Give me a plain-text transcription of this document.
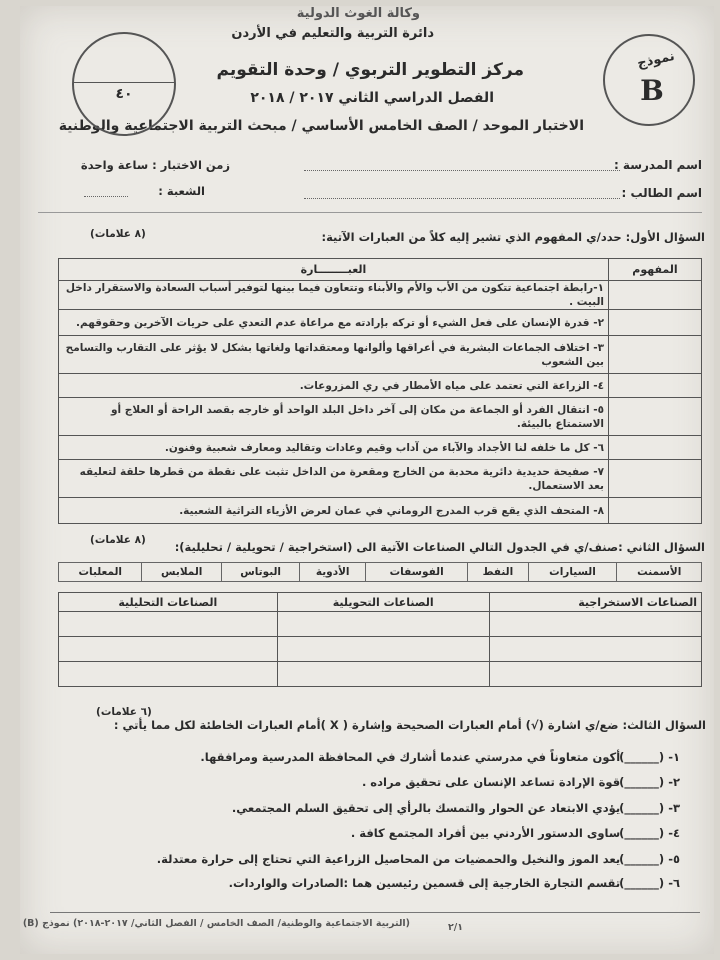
وكالة الغوث الدولية
دائرة التربية والتعليم في الأردن
مركز التطوير التربوي / وحدة التقويم
الفصل الدراسي الثاني ٢٠١٧ / ٢٠١٨
الاختبار الموحد / الصف الخامس الأساسي / مبحث التربية الاجتماعية والوطنية
نموذج
B
٤٠
اسم المدرسة :
زمن الاختبار : ساعة واحدة
اسم الطالب :
الشعبة :
السؤال الأول: حدد/ي المفهوم الذي تشير إليه كلاً من العبارات الآتية:
(٨ علامات)
المفهوم	العبــــــــارة
	١-رابطة اجتماعية تتكون من الأب والأم والأبناء وتتعاون فيما بينها لتوفير أسباب السعادة والاستقرار داخل البيت .
	٢- قدرة الإنسان على فعل الشيء أو تركه بإرادته مع مراعاة عدم التعدي على حريات الآخرين وحقوقهم.
	٣- اختلاف الجماعات البشرية في أعراقها وألوانها ومعتقداتها ولغاتها بشكل لا يؤثر على التقارب والتسامح بين الشعوب
	٤- الزراعة التي تعتمد على مياه الأمطار في ري المزروعات.
	٥- انتقال الفرد أو الجماعة من مكان إلى آخر داخل البلد الواحد أو خارجه بقصد الراحة أو العلاج أو الاستمتاع بالبيئة.
	٦- كل ما خلفه لنا الأجداد والآباء من آداب وقيم وعادات وتقاليد ومعارف شعبية وفنون.
	٧- صفيحة حديدية دائرية محدبة من الخارج ومقعرة من الداخل تثبت على نقطة من قطرها حلقة لتعليقه بعد الاستعمال.
	٨- المتحف الذي يقع قرب المدرج الروماني في عمان لعرض الأزياء التراثية الشعبية.
السؤال الثاني :صنف/ي في الجدول التالي الصناعات الآتية الى (استخراجية / تحويلية / تحليلية):
(٨ علامات)
الأسمنت	السيارات	النفط	الفوسفات	الأدوية	البوتاس	الملابس	المعلبات
الصناعات الاستخراجية	الصناعات التحويلية	الصناعات التحليلية

السؤال الثالث: ضع/ي اشارة (√) أمام العبارات الصحيحة وإشارة ( X )أمام العبارات الخاطئة لكل مما يأتي :
(٦ علامات)
١- (______) أكون متعاوناً في مدرستي عندما أشارك في المحافظة المدرسية ومرافقها.
٢- (______) قوة الإرادة تساعد الإنسان على تحقيق مراده .
٣- (______) يؤدي الابتعاد عن الحوار والتمسك بالرأي إلى تحقيق السلم المجتمعي.
٤- (______) ساوى الدستور الأردني بين أفراد المجتمع كافة .
٥- (______) يعد الموز والنخيل والحمضيات من المحاصيل الزراعية التي تحتاج إلى حرارة معتدلة.
٦- (______) تقسم التجارة الخارجية إلى قسمين رئيسين هما :الصادرات والواردات.
(التربية الاجتماعية والوطنية/ الصف الخامس / الفصل الثاني/ ٢٠١٧-٢٠١٨) نموذج (B)	٢/١
